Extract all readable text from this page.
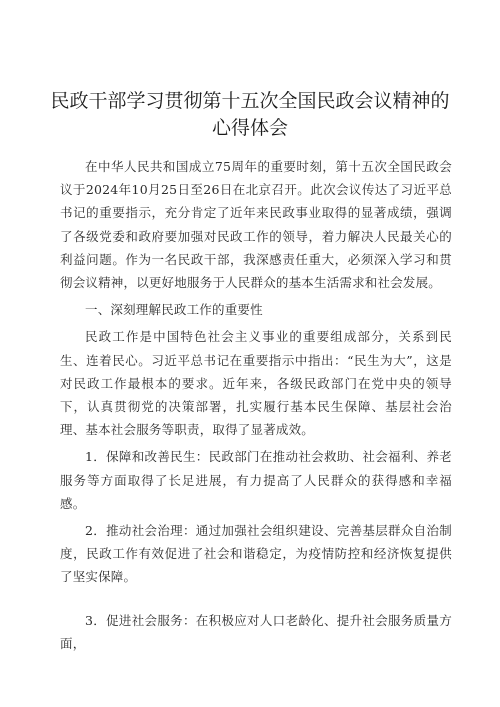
民政干部学习贯彻第十五次全国民政会议精神的
心得体会

在中华人民共和国成立75周年的重要时刻，第十五次全国民政会议于2024年10月25日至26日在北京召开。此次会议传达了习近平总书记的重要指示，充分肯定了近年来民政事业取得的显著成绩，强调了各级党委和政府要加强对民政工作的领导，着力解决人民最关心的利益问题。作为一名民政干部，我深感责任重大，必须深入学习和贯彻会议精神，以更好地服务于人民群众的基本生活需求和社会发展。

一、深刻理解民政工作的重要性

民政工作是中国特色社会主义事业的重要组成部分，关系到民生、连着民心。习近平总书记在重要指示中指出：“民生为大”，这是对民政工作最根本的要求。近年来，各级民政部门在党中央的领导下，认真贯彻党的决策部署，扎实履行基本民生保障、基层社会治理、基本社会服务等职责，取得了显著成效。

1．保障和改善民生：民政部门在推动社会救助、社会福利、养老服务等方面取得了长足进展，有力提高了人民群众的获得感和幸福感。

2．推动社会治理：通过加强社会组织建设、完善基层群众自治制度，民政工作有效促进了社会和谐稳定，为疫情防控和经济恢复提供了坚实保障。

3．促进社会服务：在积极应对人口老龄化、提升社会服务质量方面，
